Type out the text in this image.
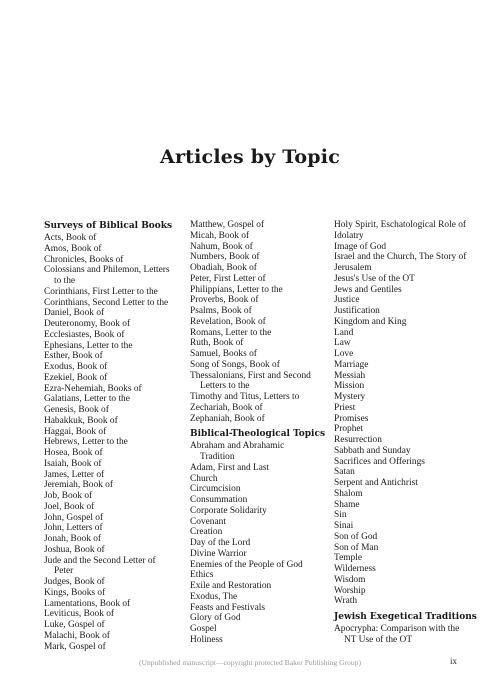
Articles by Topic
Surveys of Biblical Books
Acts, Book of
Amos, Book of
Chronicles, Books of
Colossians and Philemon, Letters
to the
Corinthians, First Letter to the
Corinthians, Second Letter to the
Daniel, Book of
Deuteronomy, Book of
Ecclesiastes, Book of
Ephesians, Letter to the
Esther, Book of
Exodus, Book of
Ezekiel, Book of
Ezra-Nehemiah, Books of
Galatians, Letter to the
Genesis, Book of
Habakkuk, Book of
Haggai, Book of
Hebrews, Letter to the
Hosea, Book of
Isaiah, Book of
James, Letter of
Jeremiah, Book of
Job, Book of
Joel, Book of
John, Gospel of
John, Letters of
Jonah, Book of
Joshua, Book of
Jude and the Second Letter of
Peter
Judges, Book of
Kings, Books of
Lamentations, Book of
Leviticus, Book of
Luke, Gospel of
Malachi, Book of
Mark, Gospel of
Matthew, Gospel of
Micah, Book of
Nahum, Book of
Numbers, Book of
Obadiah, Book of
Peter, First Letter of
Philippians, Letter to the
Proverbs, Book of
Psalms, Book of
Revelation, Book of
Romans, Letter to the
Ruth, Book of
Samuel, Books of
Song of Songs, Book of
Thessalonians, First and Second
Letters to the
Timothy and Titus, Letters to
Zechariah, Book of
Zephaniah, Book of
Biblical-Theological Topics
Abraham and Abrahamic
Tradition
Adam, First and Last
Church
Circumcision
Consummation
Corporate Solidarity
Covenant
Creation
Day of the Lord
Divine Warrior
Enemies of the People of God
Ethics
Exile and Restoration
Exodus, The
Feasts and Festivals
Glory of God
Gospel
Holiness
Holy Spirit, Eschatological Role of
Idolatry
Image of God
Israel and the Church, The Story of
Jerusalem
Jesus's Use of the OT
Jews and Gentiles
Justice
Justification
Kingdom and King
Land
Law
Love
Marriage
Messiah
Mission
Mystery
Priest
Promises
Prophet
Resurrection
Sabbath and Sunday
Sacrifices and Offerings
Satan
Serpent and Antichrist
Shalom
Shame
Sin
Sinai
Son of God
Son of Man
Temple
Wilderness
Wisdom
Worship
Wrath
Jewish Exegetical Traditions
Apocrypha: Comparison with the
NT Use of the OT
(Unpublished manuscript—copyright protected Baker Publishing Group)	ix
